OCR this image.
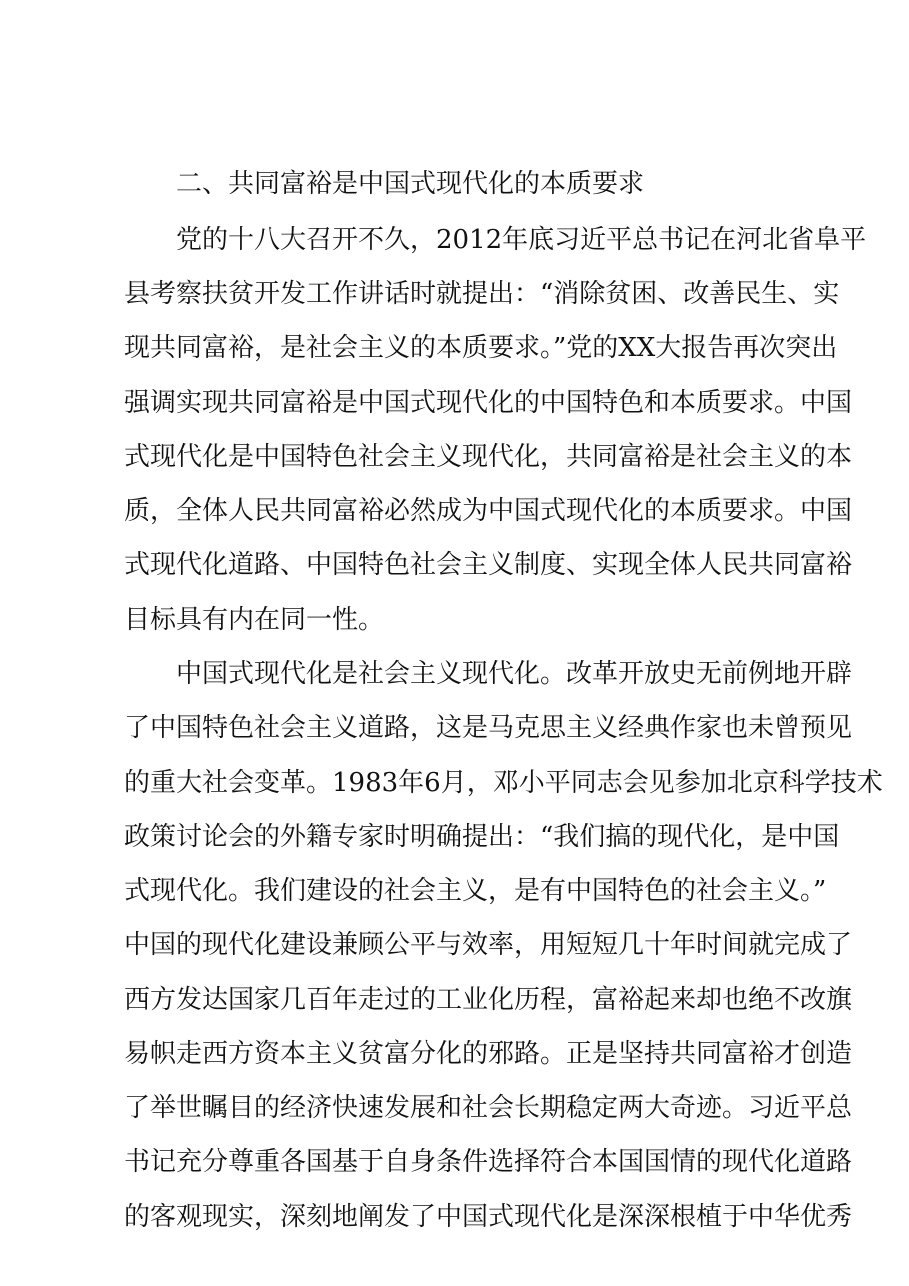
二、共同富裕是中国式现代化的本质要求
党的十八大召开不久，2012年底习近平总书记在河北省阜平
县考察扶贫开发工作讲话时就提出：“消除贫困、改善民生、实
现共同富裕，是社会主义的本质要求。”党的XX大报告再次突出
强调实现共同富裕是中国式现代化的中国特色和本质要求。中国
式现代化是中国特色社会主义现代化，共同富裕是社会主义的本
质，全体人民共同富裕必然成为中国式现代化的本质要求。中国
式现代化道路、中国特色社会主义制度、实现全体人民共同富裕
目标具有内在同一性。
中国式现代化是社会主义现代化。改革开放史无前例地开辟
了中国特色社会主义道路，这是马克思主义经典作家也未曾预见
的重大社会变革。1983年6月，邓小平同志会见参加北京科学技术
政策讨论会的外籍专家时明确提出：“我们搞的现代化，是中国
式现代化。我们建设的社会主义，是有中国特色的社会主义。”
中国的现代化建设兼顾公平与效率，用短短几十年时间就完成了
西方发达国家几百年走过的工业化历程，富裕起来却也绝不改旗
易帜走西方资本主义贫富分化的邪路。正是坚持共同富裕才创造
了举世瞩目的经济快速发展和社会长期稳定两大奇迹。习近平总
书记充分尊重各国基于自身条件选择符合本国国情的现代化道路
的客观现实，深刻地阐发了中国式现代化是深深根植于中华优秀
